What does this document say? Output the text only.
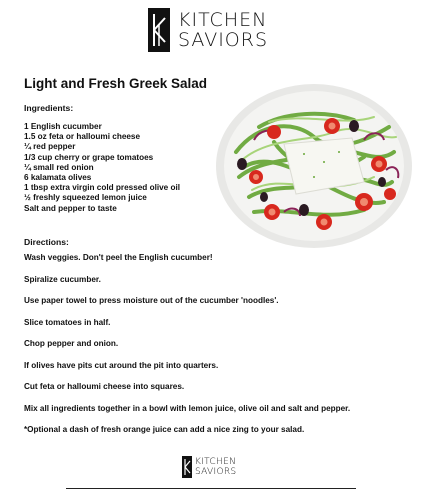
KITCHEN
SAVIORS
Light and Fresh Greek Salad

Ingredients:

1 English cucumber
1.5 oz feta or halloumi cheese
¼ red pepper
1/3 cup cherry or grape tomatoes
¼ small red onion
6 kalamata olives
1 tbsp extra virgin cold pressed olive oil
½ freshly squeezed lemon juice
Salt and pepper to taste

Directions:

Wash veggies. Don't peel the English cucumber!
Spiralize cucumber.
Use paper towel to press moisture out of the cucumber 'noodles'.
Slice tomatoes in half.
Chop pepper and onion.
If olives have pits cut around the pit into quarters.
Cut feta or halloumi cheese into squares.
Mix all ingredients together in a bowl with lemon juice, olive oil and salt and pepper.
*Optional a dash of fresh orange juice can add a nice zing to your salad.
KITCHEN
SAVIORS
